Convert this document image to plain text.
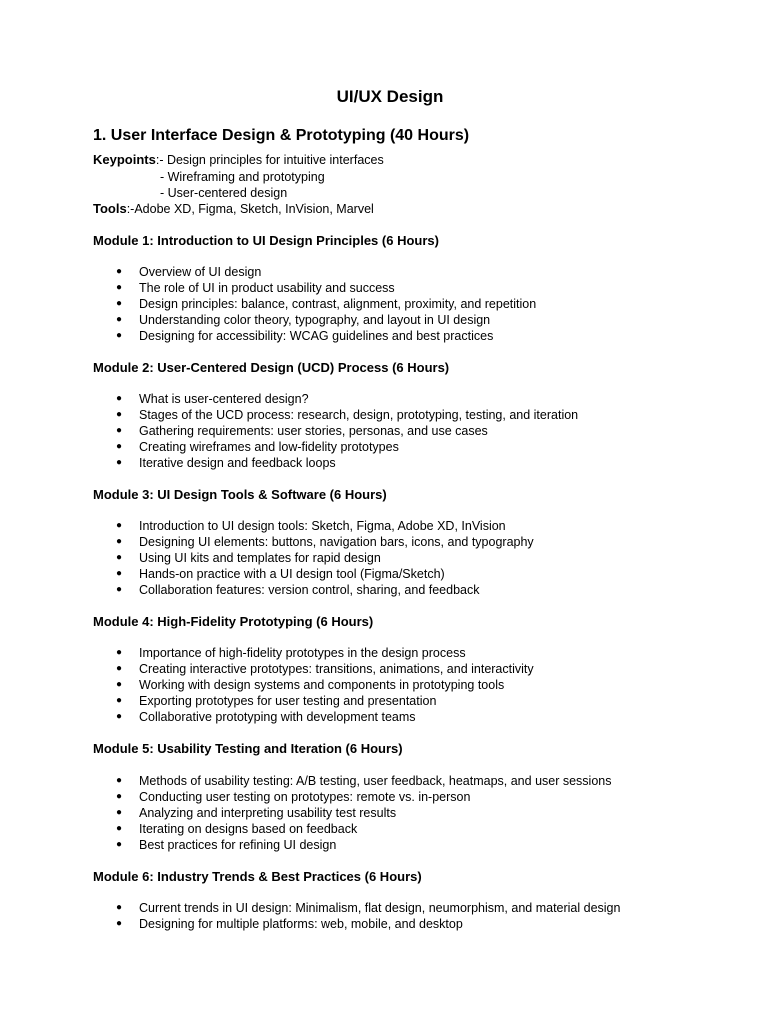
UI/UX Design
1. User Interface Design & Prototyping (40 Hours)
Keypoints:- Design principles for intuitive interfaces
- Wireframing and prototyping
- User-centered design
Tools:-Adobe XD, Figma, Sketch, InVision, Marvel
Module 1: Introduction to UI Design Principles (6 Hours)
● Overview of UI design
● The role of UI in product usability and success
● Design principles: balance, contrast, alignment, proximity, and repetition
● Understanding color theory, typography, and layout in UI design
● Designing for accessibility: WCAG guidelines and best practices
Module 2: User-Centered Design (UCD) Process (6 Hours)
● What is user-centered design?
● Stages of the UCD process: research, design, prototyping, testing, and iteration
● Gathering requirements: user stories, personas, and use cases
● Creating wireframes and low-fidelity prototypes
● Iterative design and feedback loops
Module 3: UI Design Tools & Software (6 Hours)
● Introduction to UI design tools: Sketch, Figma, Adobe XD, InVision
● Designing UI elements: buttons, navigation bars, icons, and typography
● Using UI kits and templates for rapid design
● Hands-on practice with a UI design tool (Figma/Sketch)
● Collaboration features: version control, sharing, and feedback
Module 4: High-Fidelity Prototyping (6 Hours)
● Importance of high-fidelity prototypes in the design process
● Creating interactive prototypes: transitions, animations, and interactivity
● Working with design systems and components in prototyping tools
● Exporting prototypes for user testing and presentation
● Collaborative prototyping with development teams
Module 5: Usability Testing and Iteration (6 Hours)
● Methods of usability testing: A/B testing, user feedback, heatmaps, and user sessions
● Conducting user testing on prototypes: remote vs. in-person
● Analyzing and interpreting usability test results
● Iterating on designs based on feedback
● Best practices for refining UI design
Module 6: Industry Trends & Best Practices (6 Hours)
● Current trends in UI design: Minimalism, flat design, neumorphism, and material design
● Designing for multiple platforms: web, mobile, and desktop
